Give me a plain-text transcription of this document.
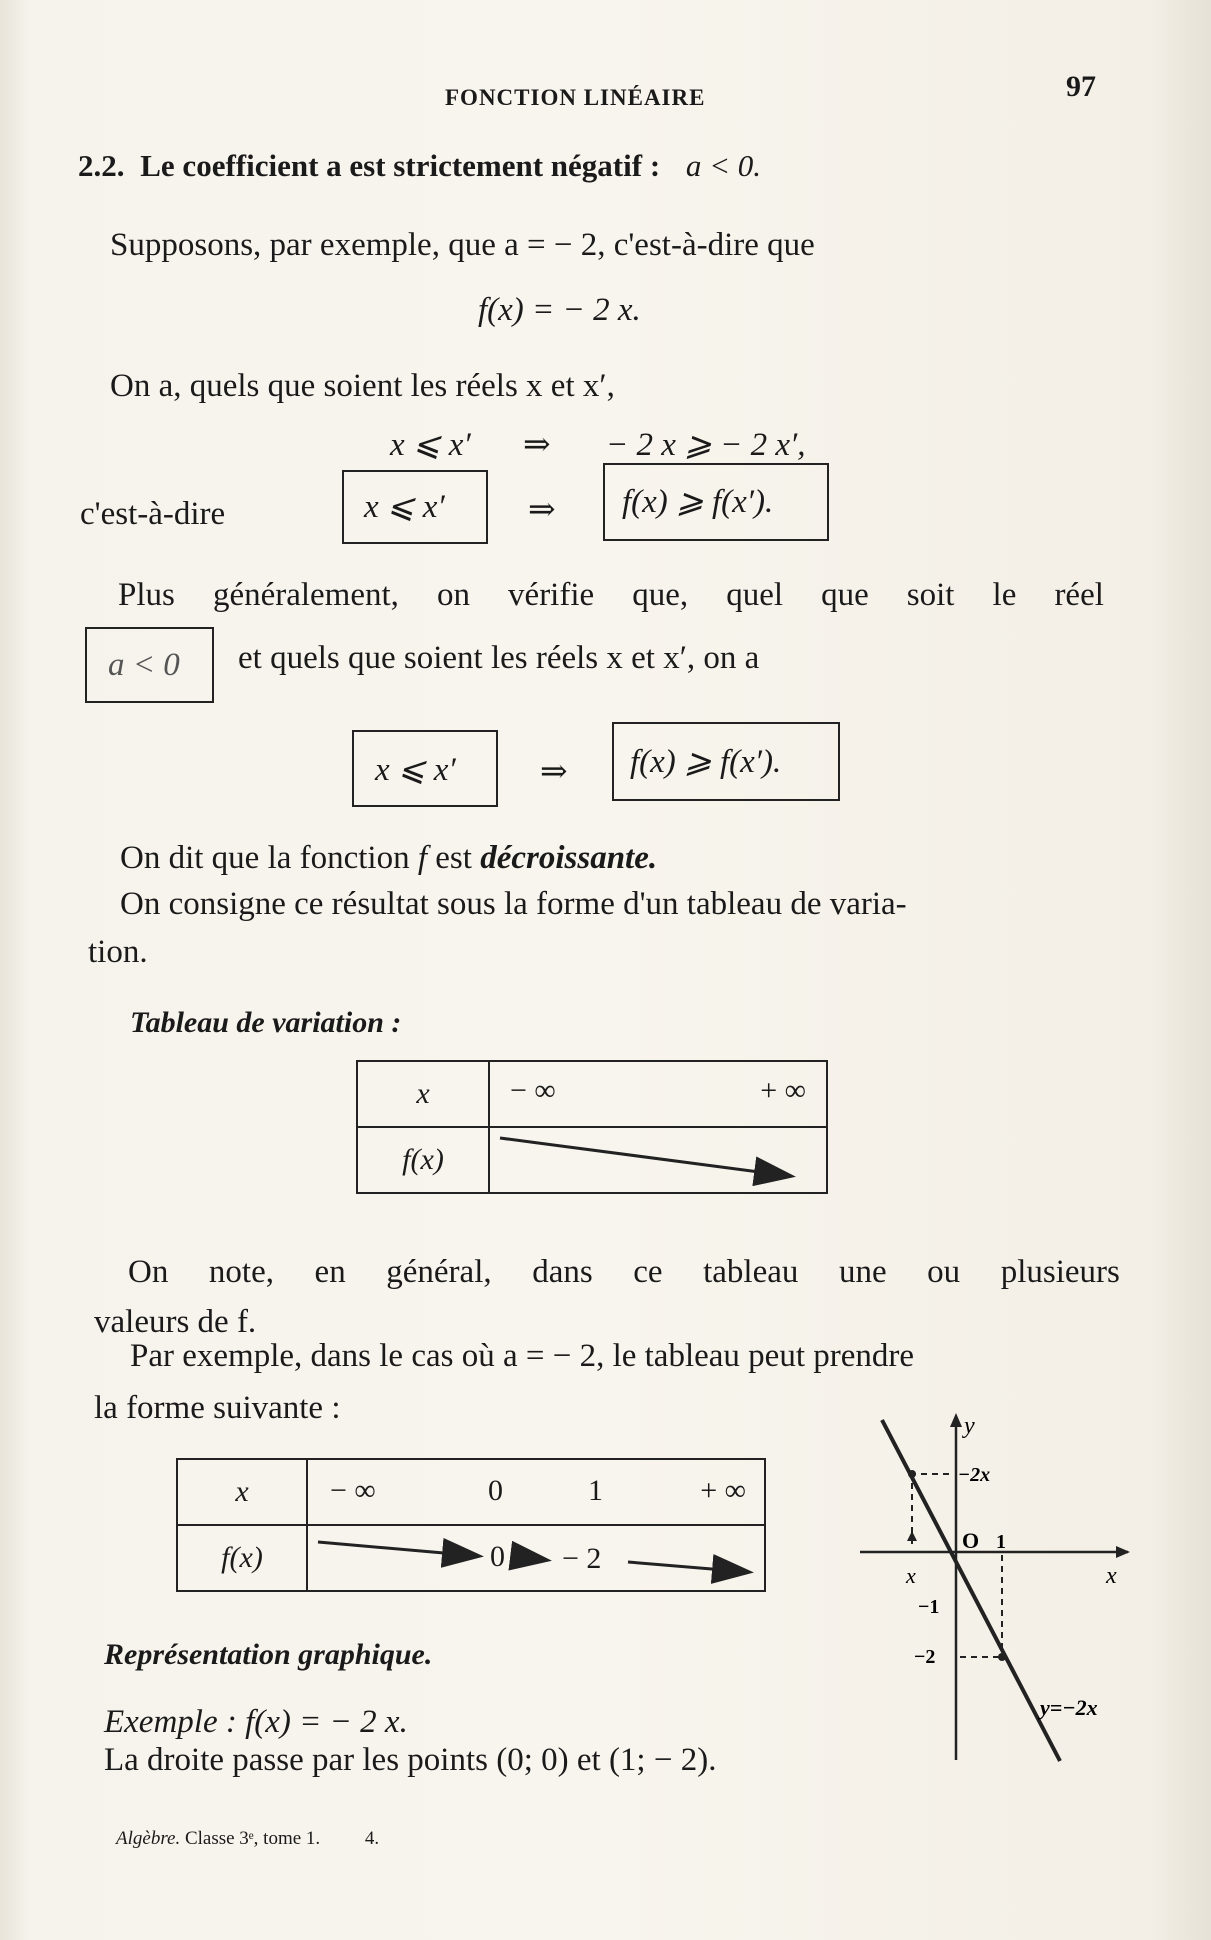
FONCTION LINÉAIRE	97
2.2. Le coefficient a est strictement négatif : a < 0.
Supposons, par exemple, que a = − 2, c'est-à-dire que
f(x) = − 2 x.
On a, quels que soient les réels x et x′,
x ⩽ x′ ⇒ − 2 x ⩾ − 2 x′,
c'est-à-dire	x ⩽ x′	⇒ f(x) ⩾ f(x′).
Plus généralement, on vérifie que, quel que soit le réel
a < 0 et quels que soient les réels x et x′, on a
x ⩽ x′	⇒ f(x) ⩾ f(x′).
On dit que la fonction f est décroissante.
On consigne ce résultat sous la forme d'un tableau de varia-
tion.
Tableau de variation :
x	− ∞ + ∞

f(x)	
On note, en général, dans ce tableau une ou plusieurs
valeurs de f.
Par exemple, dans le cas où a = − 2, le tableau peut prendre
la forme suivante :
x	− ∞ 0 1 + ∞

f(x)	0 − 2
y
x
O 1
−1
−2
−2x
x
y=−2x
Représentation graphique.
Exemple : f(x) = − 2 x.
La droite passe par les points (0; 0) et (1; − 2).
Algèbre. Classe 3ᵉ, tome 1. 4.
